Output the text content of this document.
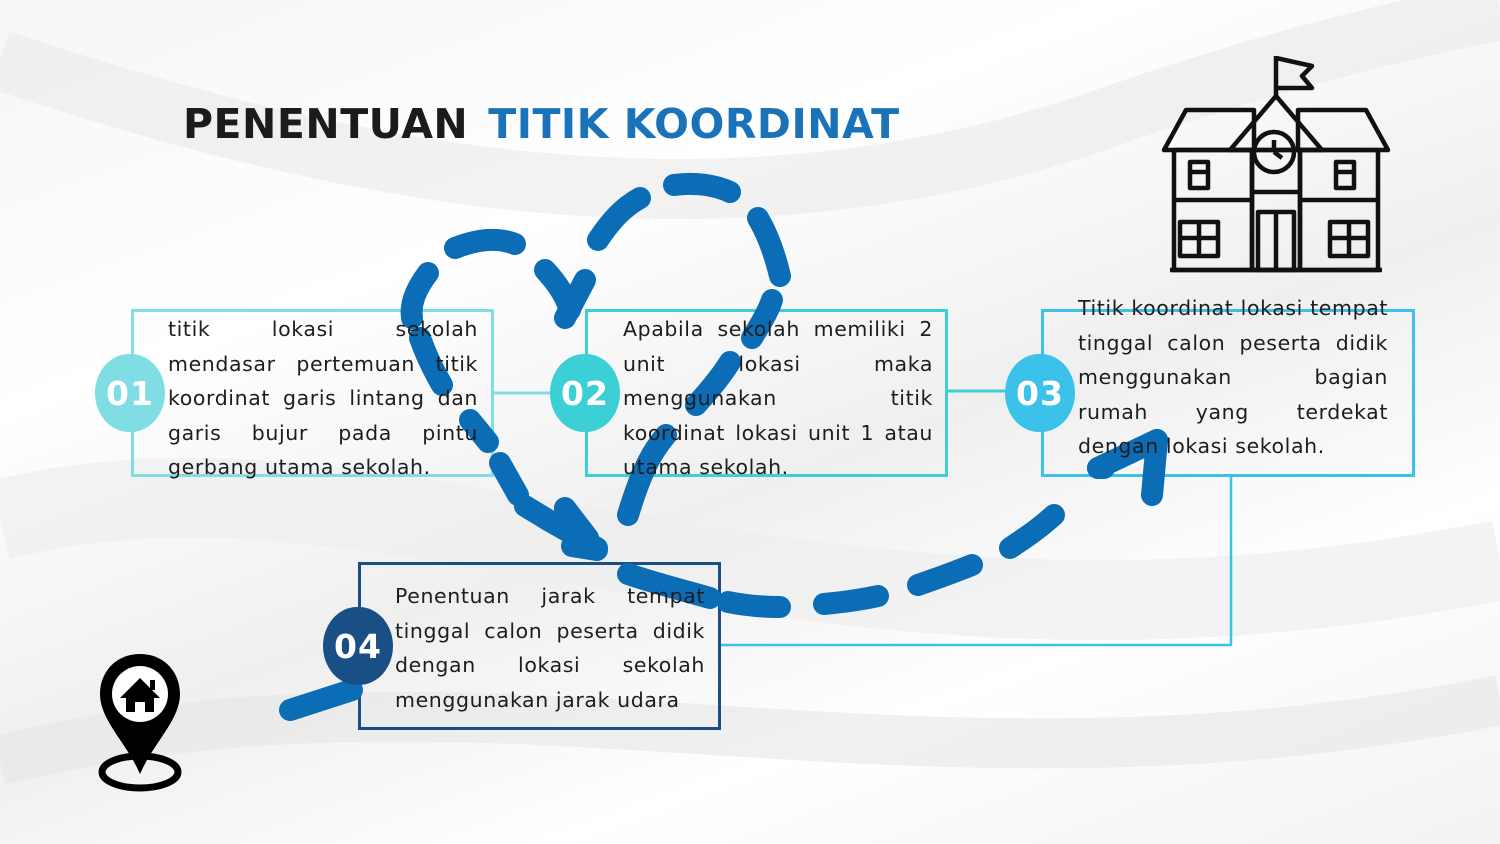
PENENTUAN TITIK KOORDINAT

titik lokasi sekolah mendasar pertemuan titik koordinat garis lintang dan garis bujur pada pintu gerbang utama sekolah.

Apabila sekolah memiliki 2 unit lokasi maka menggunakan titik koordinat lokasi unit 1 atau utama sekolah.

Titik koordinat lokasi tempat tinggal calon peserta didik menggunakan bagian rumah yang terdekat dengan lokasi sekolah.

Penentuan jarak tempat tinggal calon peserta didik dengan lokasi sekolah menggunakan jarak udara

01	02	03
04
